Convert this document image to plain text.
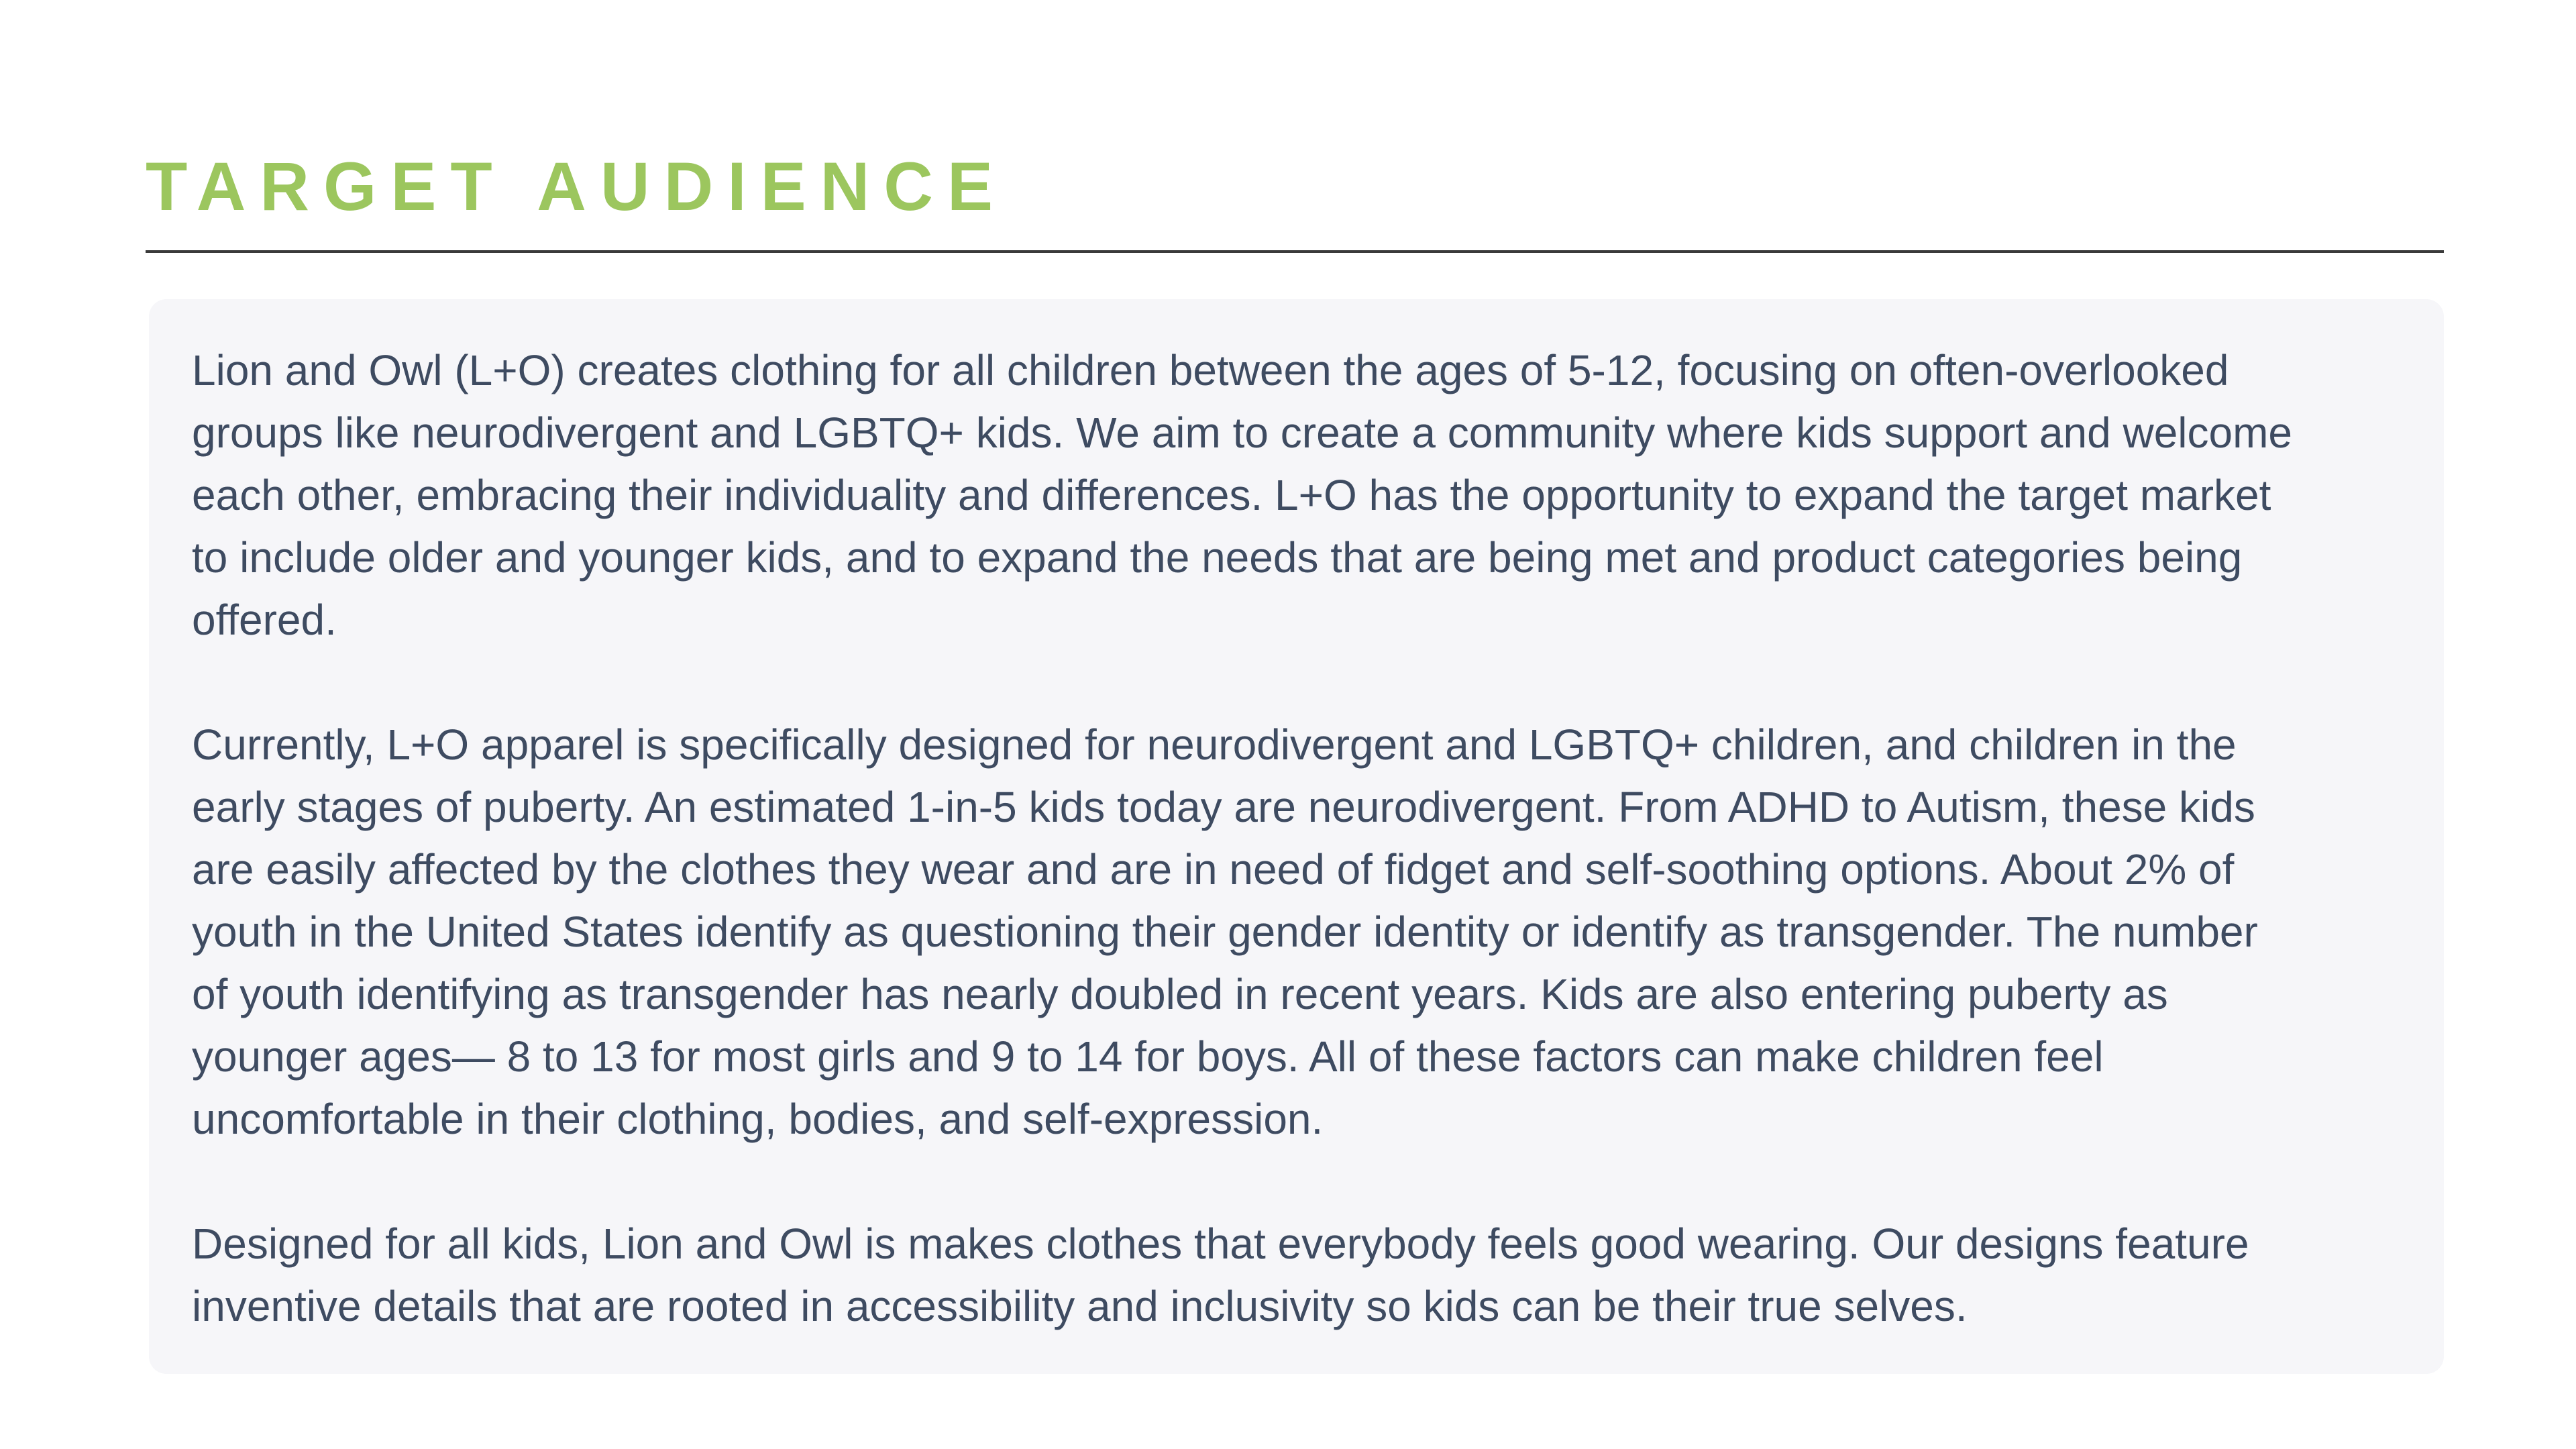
TARGET AUDIENCE

Lion and Owl (L+O) creates clothing for all children between the ages of 5-12, focusing on often-overlooked
groups like neurodivergent and LGBTQ+ kids. We aim to create a community where kids support and welcome
each other, embracing their individuality and differences. L+O has the opportunity to expand the target market
to include older and younger kids, and to expand the needs that are being met and product categories being
offered.

Currently, L+O apparel is specifically designed for neurodivergent and LGBTQ+ children, and children in the
early stages of puberty. An estimated 1-in-5 kids today are neurodivergent. From ADHD to Autism, these kids
are easily affected by the clothes they wear and are in need of fidget and self-soothing options. About 2% of
youth in the United States identify as questioning their gender identity or identify as transgender. The number
of youth identifying as transgender has nearly doubled in recent years. Kids are also entering puberty as
younger ages— 8 to 13 for most girls and 9 to 14 for boys. All of these factors can make children feel
uncomfortable in their clothing, bodies, and self-expression.

Designed for all kids, Lion and Owl is makes clothes that everybody feels good wearing. Our designs feature
inventive details that are rooted in accessibility and inclusivity so kids can be their true selves.
